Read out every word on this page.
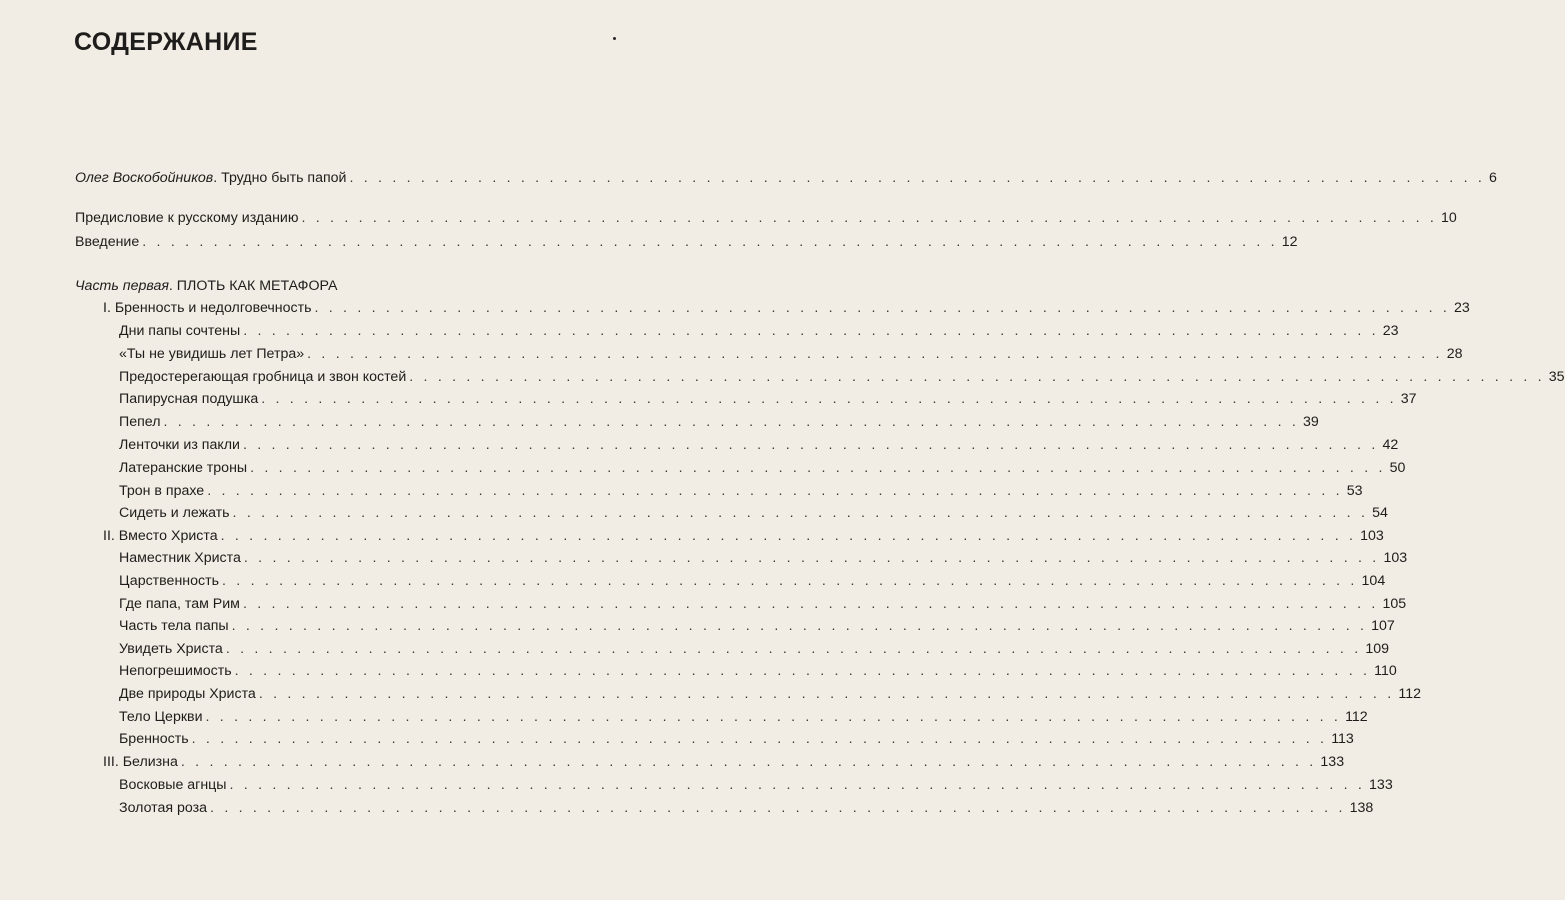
СОДЕРЖАНИЕ
Олег Воскобойников. Трудно быть папой . . . . . . . . . . . . . . . . . . . . . . . . . . . . . . . . . . . . . . . . . . . . . . . . . . . . . . . . . . . . . . . . . . . . . . . . . . . . . . . . 6
Предисловие к русскому изданию . . . . . . . . . . . . . . . . . . . . . . . . . . . . . . . . . . . . . . . . . . . . . . . . . . . . . . . . . . . . . . . . . . . . . . . . . . . . . . . . 10
Введение . . . . . . . . . . . . . . . . . . . . . . . . . . . . . . . . . . . . . . . . . . . . . . . . . . . . . . . . . . . . . . . . . . . . . . . . . . . . . . . . 12
Часть первая. ПЛОТЬ КАК МЕТАФОРА
I. Бренность и недолговечность . . . . . . . . . . . . . . . . . . . . . . . . . . . . . . . . . . . . . . . . . . . . . . . . . . . . . . . . . . . . . . . . . . . . . . . . . . . . . . . . 23
Дни папы сочтены . . . . . . . . . . . . . . . . . . . . . . . . . . . . . . . . . . . . . . . . . . . . . . . . . . . . . . . . . . . . . . . . . . . . . . . . . . . . . . . . 23
«Ты не увидишь лет Петра» . . . . . . . . . . . . . . . . . . . . . . . . . . . . . . . . . . . . . . . . . . . . . . . . . . . . . . . . . . . . . . . . . . . . . . . . . . . . . . . . 28
Предостерегающая гробница и звон костей . . . . . . . . . . . . . . . . . . . . . . . . . . . . . . . . . . . . . . . . . . . . . . . . . . . . . . . . . . . . . . . . . . . . . . . . . . . . . . . . 35
Папирусная подушка . . . . . . . . . . . . . . . . . . . . . . . . . . . . . . . . . . . . . . . . . . . . . . . . . . . . . . . . . . . . . . . . . . . . . . . . . . . . . . . . 37
Пепел . . . . . . . . . . . . . . . . . . . . . . . . . . . . . . . . . . . . . . . . . . . . . . . . . . . . . . . . . . . . . . . . . . . . . . . . . . . . . . . . 39
Ленточки из пакли . . . . . . . . . . . . . . . . . . . . . . . . . . . . . . . . . . . . . . . . . . . . . . . . . . . . . . . . . . . . . . . . . . . . . . . . . . . . . . . . 42
Латеранские троны . . . . . . . . . . . . . . . . . . . . . . . . . . . . . . . . . . . . . . . . . . . . . . . . . . . . . . . . . . . . . . . . . . . . . . . . . . . . . . . . 50
Трон в прахе . . . . . . . . . . . . . . . . . . . . . . . . . . . . . . . . . . . . . . . . . . . . . . . . . . . . . . . . . . . . . . . . . . . . . . . . . . . . . . . . 53
Сидеть и лежать . . . . . . . . . . . . . . . . . . . . . . . . . . . . . . . . . . . . . . . . . . . . . . . . . . . . . . . . . . . . . . . . . . . . . . . . . . . . . . . . 54
II. Вместо Христа . . . . . . . . . . . . . . . . . . . . . . . . . . . . . . . . . . . . . . . . . . . . . . . . . . . . . . . . . . . . . . . . . . . . . . . . . . . . . . . . 103
Наместник Христа . . . . . . . . . . . . . . . . . . . . . . . . . . . . . . . . . . . . . . . . . . . . . . . . . . . . . . . . . . . . . . . . . . . . . . . . . . . . . . . . 103
Царственность . . . . . . . . . . . . . . . . . . . . . . . . . . . . . . . . . . . . . . . . . . . . . . . . . . . . . . . . . . . . . . . . . . . . . . . . . . . . . . . . 104
Где папа, там Рим . . . . . . . . . . . . . . . . . . . . . . . . . . . . . . . . . . . . . . . . . . . . . . . . . . . . . . . . . . . . . . . . . . . . . . . . . . . . . . . . 105
Часть тела папы . . . . . . . . . . . . . . . . . . . . . . . . . . . . . . . . . . . . . . . . . . . . . . . . . . . . . . . . . . . . . . . . . . . . . . . . . . . . . . . . 107
Увидеть Христа . . . . . . . . . . . . . . . . . . . . . . . . . . . . . . . . . . . . . . . . . . . . . . . . . . . . . . . . . . . . . . . . . . . . . . . . . . . . . . . . 109
Непогрешимость . . . . . . . . . . . . . . . . . . . . . . . . . . . . . . . . . . . . . . . . . . . . . . . . . . . . . . . . . . . . . . . . . . . . . . . . . . . . . . . . 110
Две природы Христа . . . . . . . . . . . . . . . . . . . . . . . . . . . . . . . . . . . . . . . . . . . . . . . . . . . . . . . . . . . . . . . . . . . . . . . . . . . . . . . . 112
Тело Церкви . . . . . . . . . . . . . . . . . . . . . . . . . . . . . . . . . . . . . . . . . . . . . . . . . . . . . . . . . . . . . . . . . . . . . . . . . . . . . . . . 112
Бренность . . . . . . . . . . . . . . . . . . . . . . . . . . . . . . . . . . . . . . . . . . . . . . . . . . . . . . . . . . . . . . . . . . . . . . . . . . . . . . . . 113
III. Белизна . . . . . . . . . . . . . . . . . . . . . . . . . . . . . . . . . . . . . . . . . . . . . . . . . . . . . . . . . . . . . . . . . . . . . . . . . . . . . . . . 133
Восковые агнцы . . . . . . . . . . . . . . . . . . . . . . . . . . . . . . . . . . . . . . . . . . . . . . . . . . . . . . . . . . . . . . . . . . . . . . . . . . . . . . . . 133
Золотая роза . . . . . . . . . . . . . . . . . . . . . . . . . . . . . . . . . . . . . . . . . . . . . . . . . . . . . . . . . . . . . . . . . . . . . . . . . . . . . . . . 138
